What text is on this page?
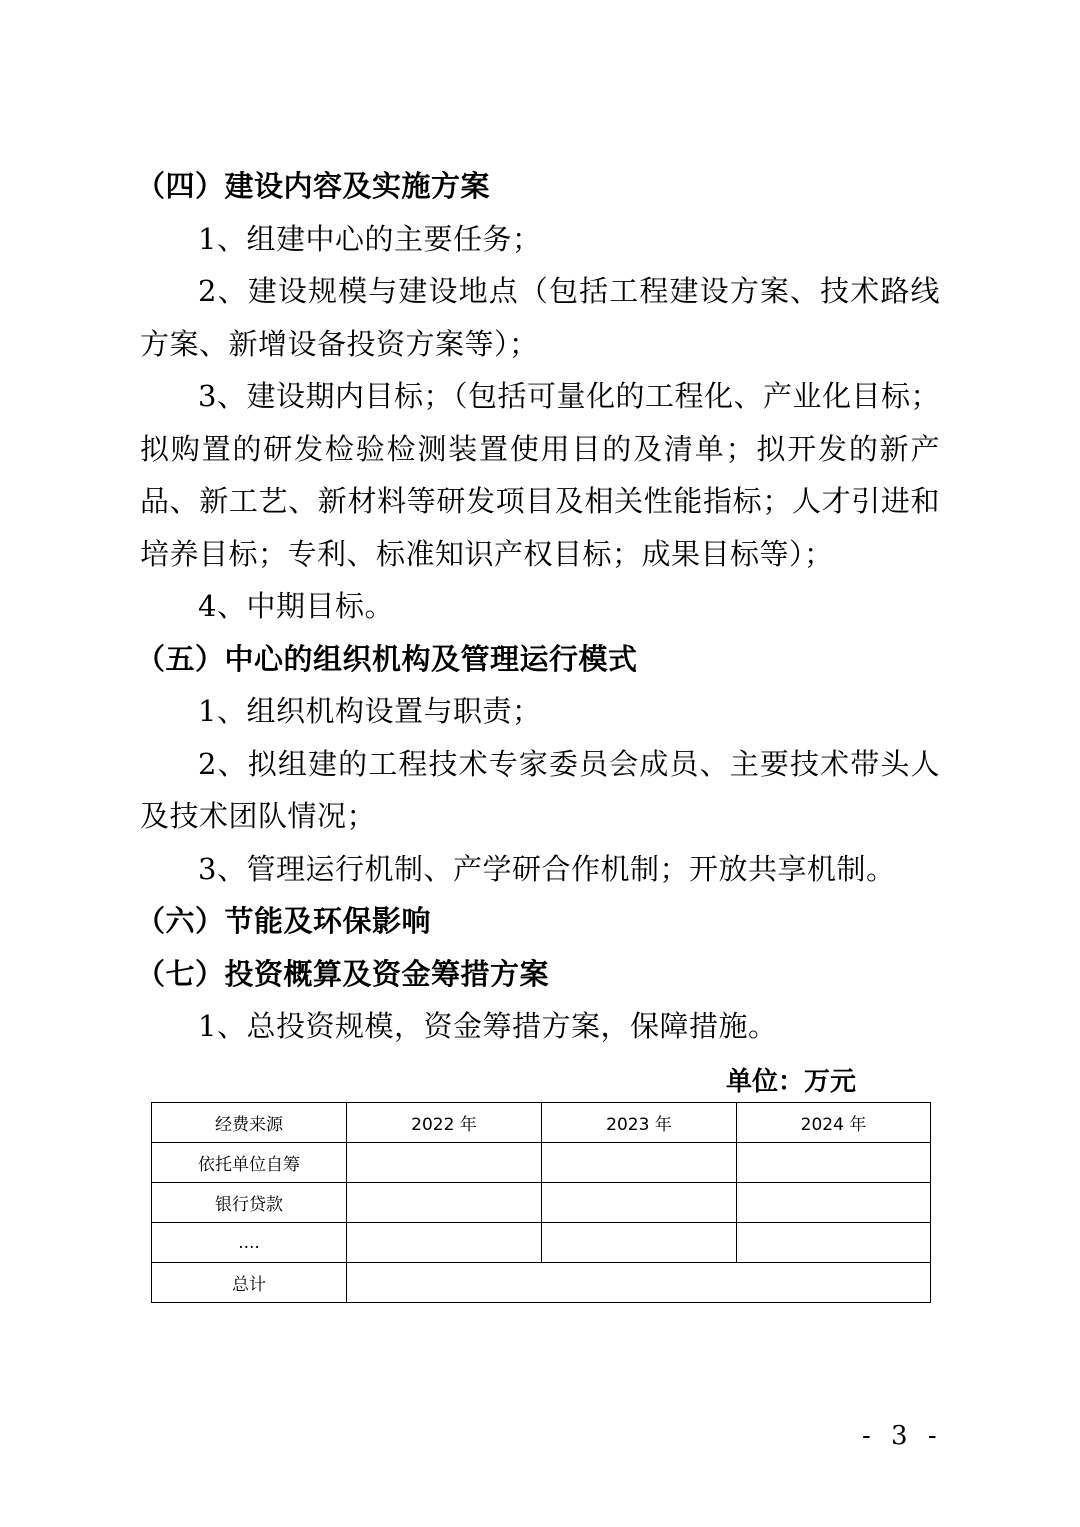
（四）建设内容及实施方案

1、组建中心的主要任务；

2、建设规模与建设地点（包括工程建设方案、技术路线方案、新增设备投资方案等）；

3、建设期内目标；（包括可量化的工程化、产业化目标；拟购置的研发检验检测装置使用目的及清单；拟开发的新产品、新工艺、新材料等研发项目及相关性能指标；人才引进和培养目标；专利、标准知识产权目标；成果目标等）；

4、中期目标。

（五）中心的组织机构及管理运行模式

1、组织机构设置与职责；

2、拟组建的工程技术专家委员会成员、主要技术带头人及技术团队情况；

3、管理运行机制、产学研合作机制；开放共享机制。

（六）节能及环保影响

（七）投资概算及资金筹措方案

1、总投资规模，资金筹措方案，保障措施。

单位：万元
经费来源	2022 年	2023 年	2024 年
依托单位自筹			
银行贷款			
....			
总计			
- 3 -
